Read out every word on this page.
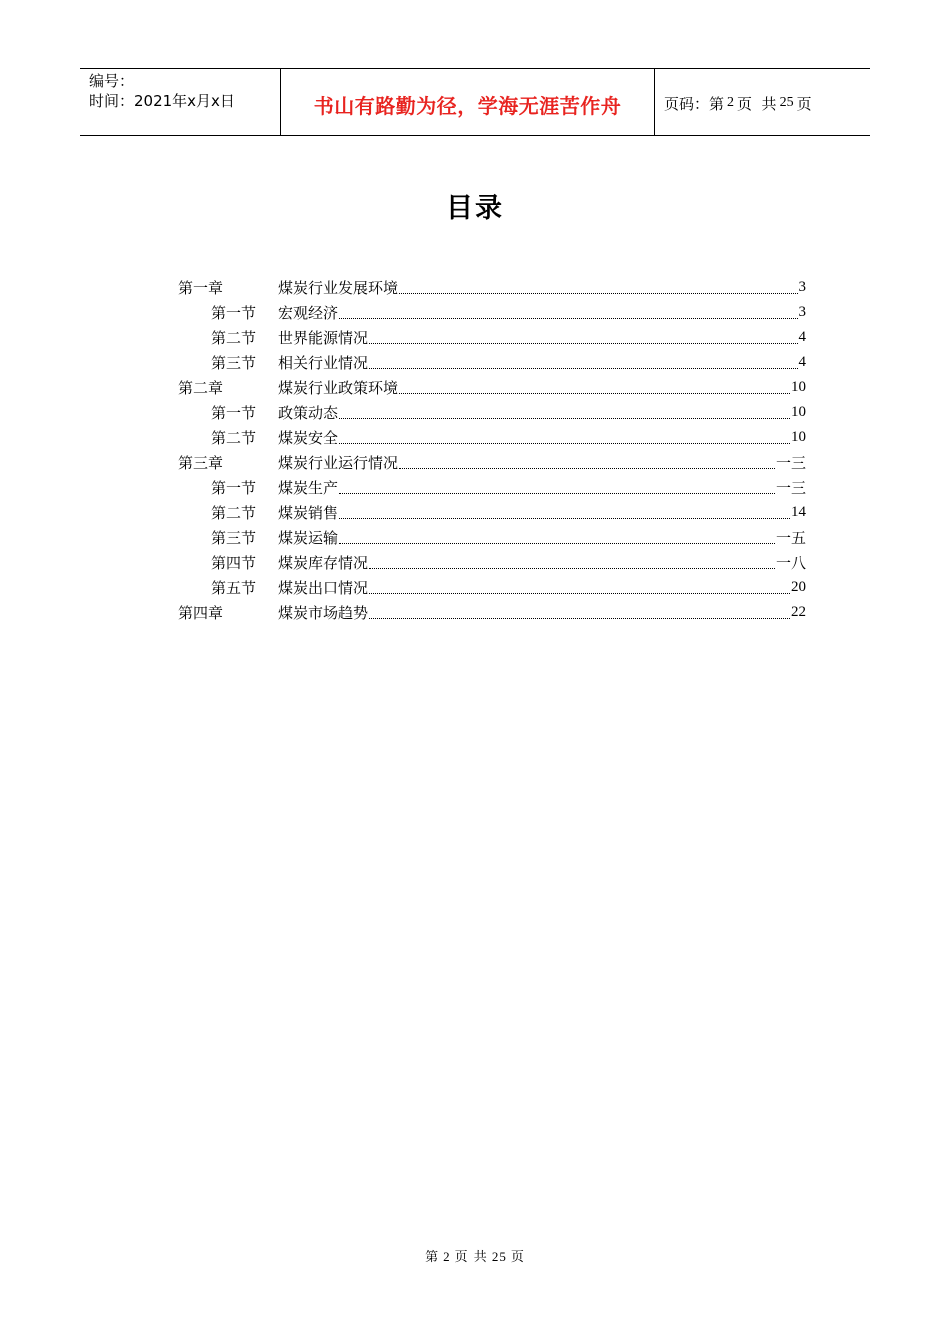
编号：
时间：2021年x月x日	书山有路勤为径，学海无涯苦作舟	页码：第 2 页  共 25 页
目录
第一章	煤炭行业发展环境	3
第一节	宏观经济	3
第二节	世界能源情况	4
第三节	相关行业情况	4
第二章	煤炭行业政策环境	10
第一节	政策动态	10
第二节	煤炭安全	10
第三章	煤炭行业运行情况	一三
第一节	煤炭生产	一三
第二节	煤炭销售	14
第三节	煤炭运输	一五
第四节	煤炭库存情况	一八
第五节	煤炭出口情况	20
第四章	煤炭市场趋势	22
第 2 页 共 25 页
